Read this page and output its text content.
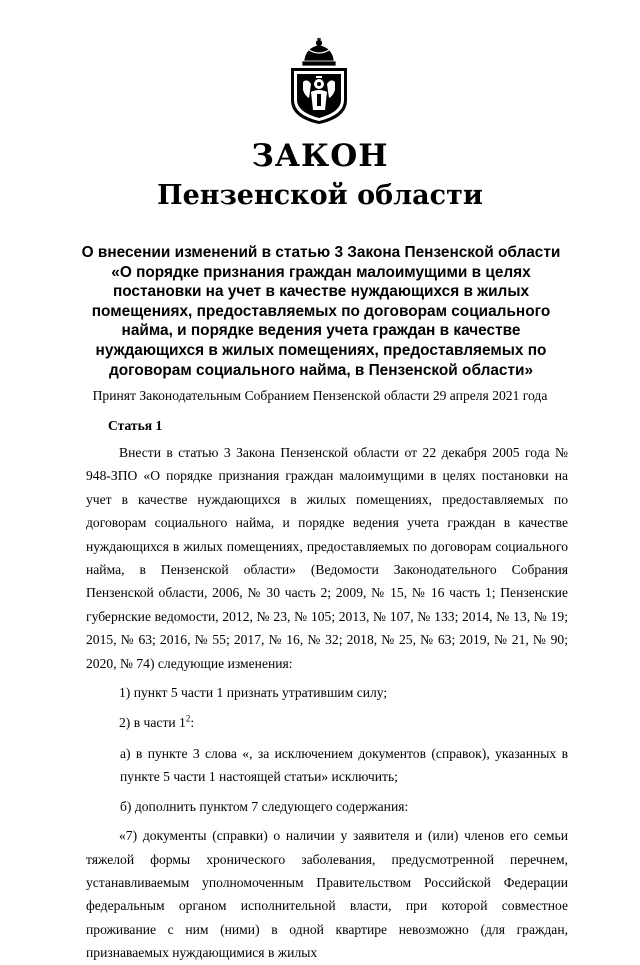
ЗАКОН
Пензенской области
О внесении изменений в статью 3 Закона Пензенской области
«О порядке признания граждан малоимущими в целях
постановки на учет в качестве нуждающихся в жилых
помещениях, предоставляемых по договорам социального
найма, и порядке ведения учета граждан в качестве
нуждающихся в жилых помещениях, предоставляемых по
договорам социального найма, в Пензенской области»
Принят Законодательным Собранием Пензенской области 29 апреля 2021 года
Статья 1

Внести в статью 3 Закона Пензенской области от 22 декабря 2005 года № 948-ЗПО «О порядке признания граждан малоимущими в целях постановки на учет в качестве нуждающихся в жилых помещениях, предоставляемых по договорам социального найма, и порядке ведения учета граждан в качестве нуждающихся в жилых помещениях, предоставляемых по договорам социального найма, в Пензенской области» (Ведомости Законодательного Собрания Пензенской области, 2006, № 30 часть 2; 2009, № 15, № 16 часть 1; Пензенские губернские ведомости, 2012, № 23, № 105; 2013, № 107, № 133; 2014, № 13, № 19; 2015, № 63; 2016, № 55; 2017, № 16, № 32; 2018, № 25, № 63; 2019, № 21, № 90; 2020, № 74) следующие изменения:

1) пункт 5 части 1 признать утратившим силу;

2) в части $1^2$:

а) в пункте 3 слова «, за исключением документов (справок), указанных в пункте 5 части 1 настоящей статьи» исключить;

б) дополнить пунктом 7 следующего содержания:

«7) документы (справки) о наличии у заявителя и (или) членов его семьи тяжелой формы хронического заболевания, предусмотренной перечнем, устанавливаемым уполномоченным Правительством Российской Федерации федеральным органом исполнительной власти, при которой совместное проживание с ним (ними) в одной квартире невозможно (для граждан, признаваемых нуждающимися в жилых
